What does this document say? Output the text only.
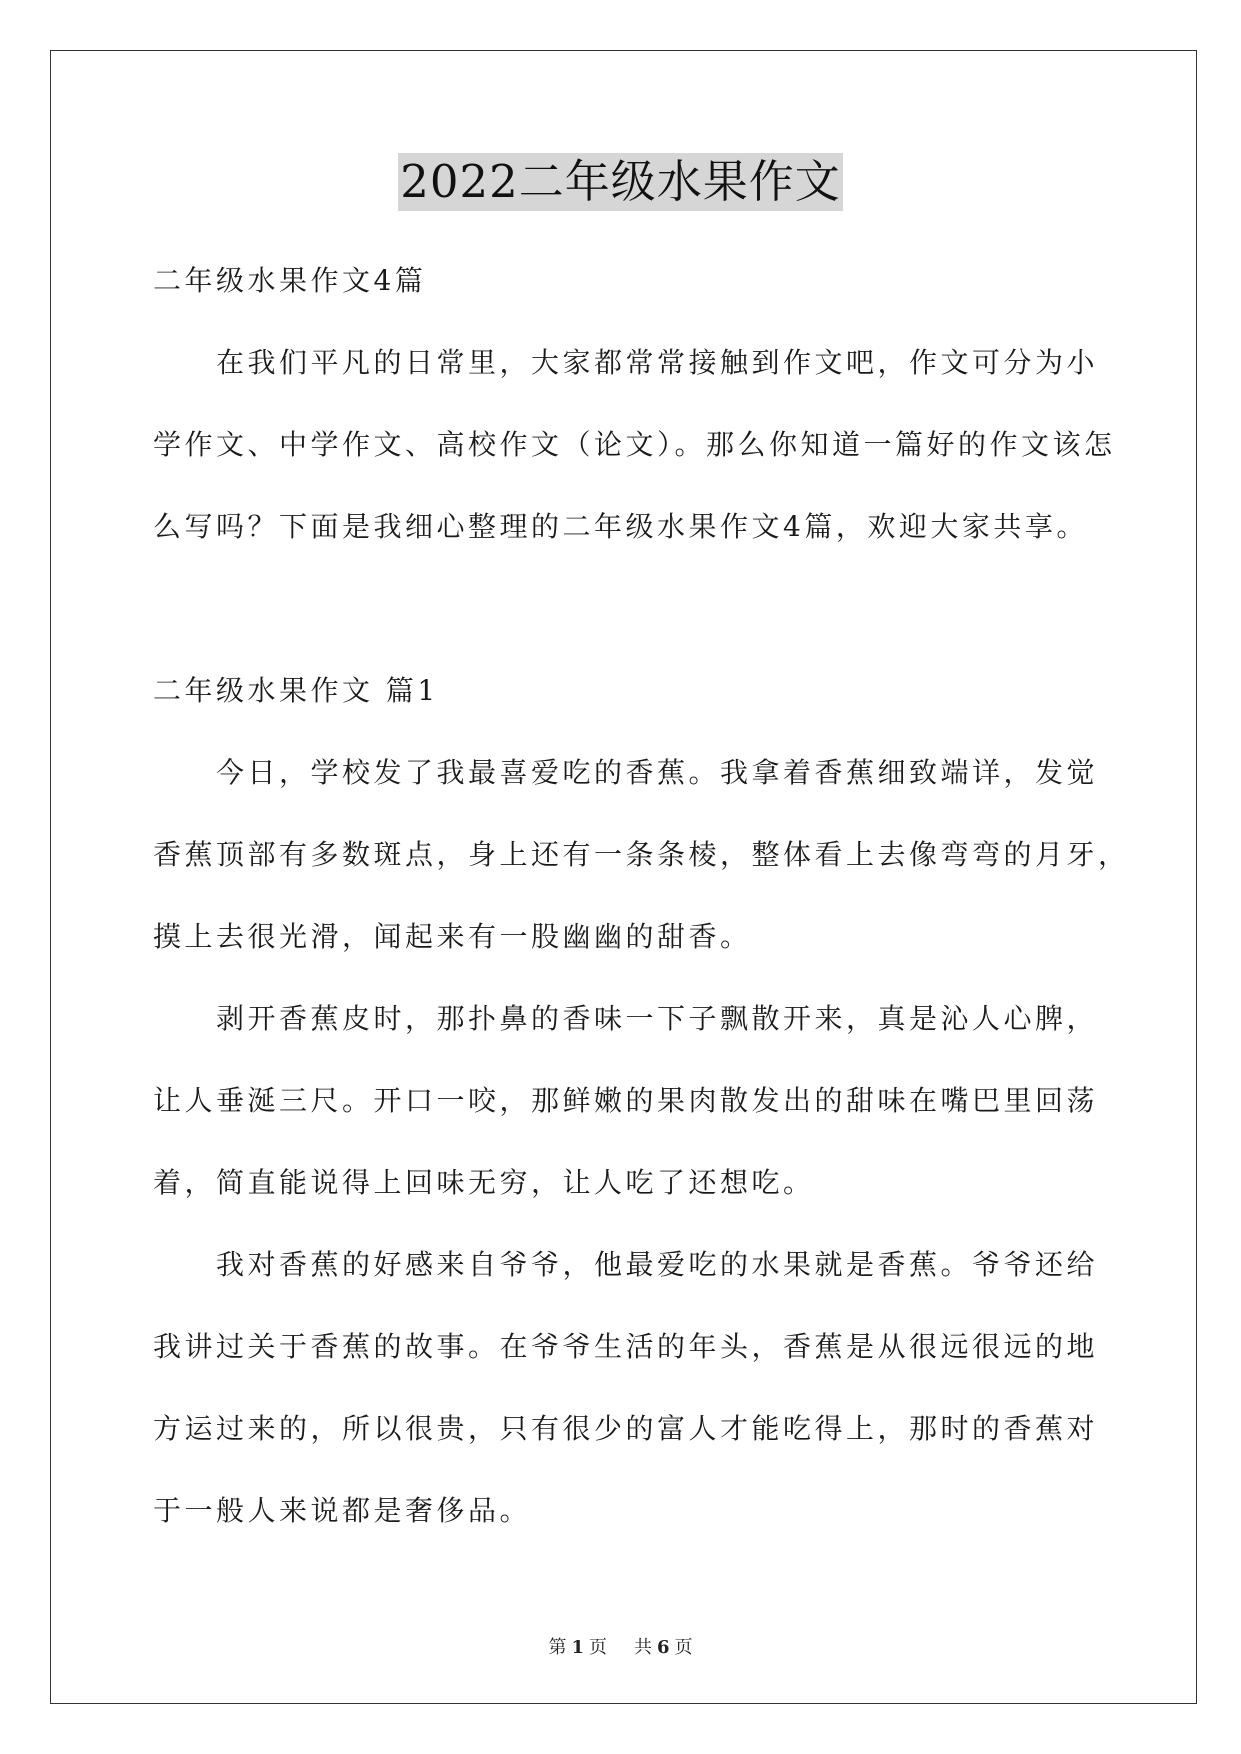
2022二年级水果作文
二年级水果作文4篇
在我们平凡的日常里，大家都常常接触到作文吧，作文可分为小
学作文、中学作文、高校作文（论文）。那么你知道一篇好的作文该怎
么写吗？下面是我细心整理的二年级水果作文4篇，欢迎大家共享。
二年级水果作文 篇1
今日，学校发了我最喜爱吃的香蕉。我拿着香蕉细致端详，发觉
香蕉顶部有多数斑点，身上还有一条条棱，整体看上去像弯弯的月牙，
摸上去很光滑，闻起来有一股幽幽的甜香。
剥开香蕉皮时，那扑鼻的香味一下子飘散开来，真是沁人心脾，
让人垂涎三尺。开口一咬，那鲜嫩的果肉散发出的甜味在嘴巴里回荡
着，简直能说得上回味无穷，让人吃了还想吃。
我对香蕉的好感来自爷爷，他最爱吃的水果就是香蕉。爷爷还给
我讲过关于香蕉的故事。在爷爷生活的年头，香蕉是从很远很远的地
方运过来的，所以很贵，只有很少的富人才能吃得上，那时的香蕉对
于一般人来说都是奢侈品。
第 1 页 共 6 页
